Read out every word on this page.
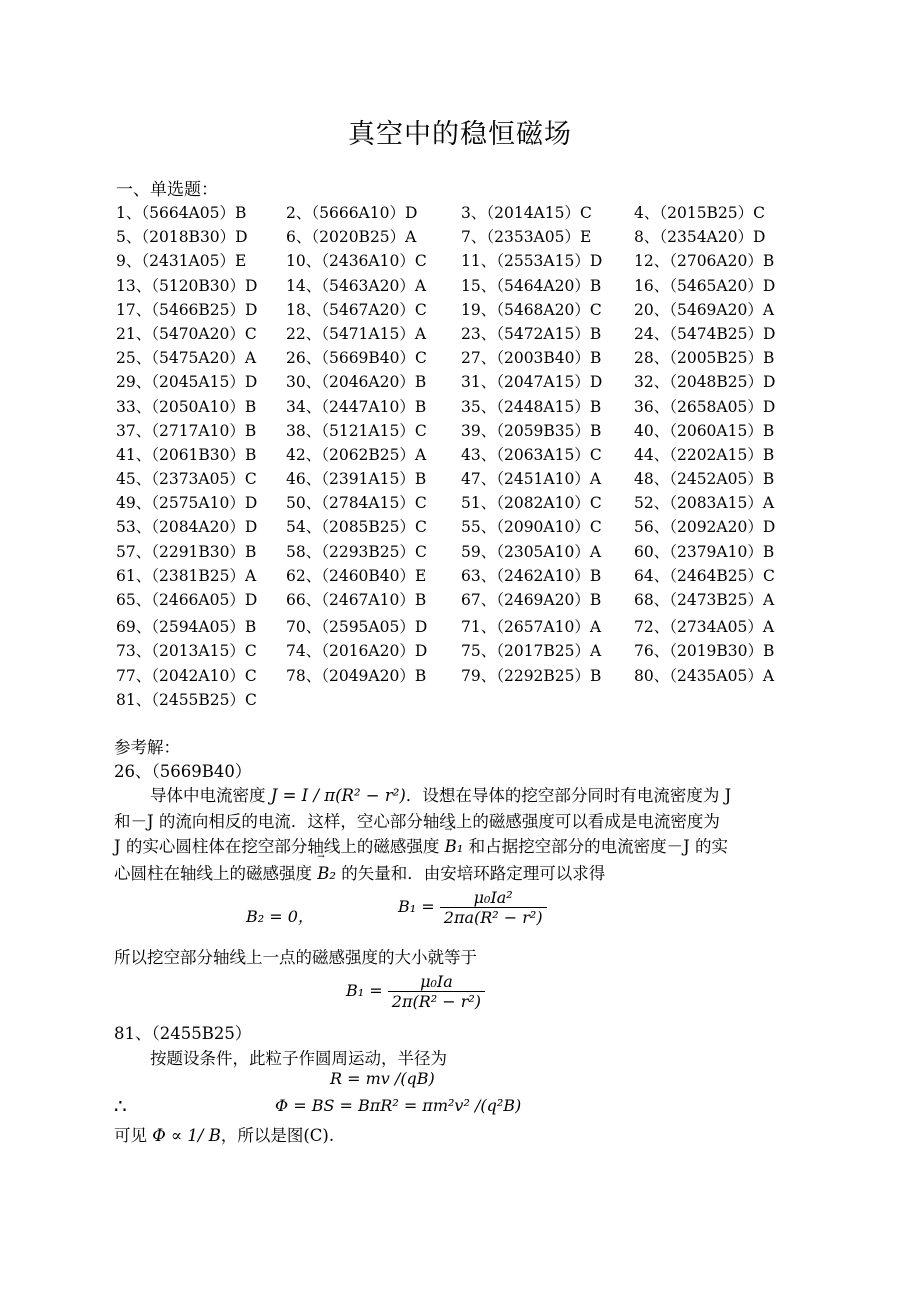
真空中的稳恒磁场
一、单选题：
1、（5664A05）B	2、（5666A10）D	3、（2014A15）C	4、（2015B25）C
5、（2018B30）D 6、（2020B25）A	7、（2353A05）E	8、（2354A20）D
9、（2431A05）E	10、（2436A10）C 11、（2553A15）D 12、（2706A20）B
13、（5120B30）D 14、（5463A20）A 15、（5464A20）B 16、（5465A20）D
17、（5466B25）D 18、（5467A20）C 19、（5468A20）C 20、（5469A20）A
21、（5470A20）C 22、（5471A15）A 23、（5472A15）B 24、（5474B25）D
25、（5475A20）A 26、（5669B40）C 27、（2003B40）B 28、（2005B25）B
29、（2045A15）D 30、（2046A20）B 31、（2047A15）D 32、（2048B25）D
33、（2050A10）B 34、（2447A10）B 35、（2448A15）B 36、（2658A05）D
37、（2717A10）B 38、（5121A15）C 39、（2059B35）B 40、（2060A15）B
41、（2061B30）B 42、（2062B25）A 43、（2063A15）C 44、（2202A15）B
45、（2373A05）C 46、（2391A15）B 47、（2451A10）A 48、（2452A05）B
49、（2575A10）D 50、（2784A15）C 51、（2082A10）C 52、（2083A15）A
53、（2084A20）D 54、（2085B25）C 55、（2090A10）C 56、（2092A20）D
57、（2291B30）B 58、（2293B25）C 59、（2305A10）A 60、（2379A10）B
61、（2381B25）A 62、（2460B40）E 63、（2462A10）B 64、（2464B25）C
65、（2466A05）D 66、（2467A10）B 67、（2469A20）B 68、（2473B25）A
69、（2594A05）B 70、（2595A05）D 71、（2657A10）A 72、（2734A05）A
73、（2013A15）C 74、（2016A20）D 75、（2017B25）A 76、（2019B30）B
77、（2042A10）C 78、（2049A20）B 79、（2292B25）B 80、（2435A05）A
81、（2455B25）C
参考解：
26、（5669B40）
导体中电流密度 J = I / π(R² − r²)．设想在导体的挖空部分同时有电流密度为 J
和－J 的流向相反的电流．这样，空心部分轴线上的磁感强度可以看成是电流密度为
J 的实心圆柱体在挖空部分轴线上的磁感强度 → B₁ 和占据挖空部分的电流密度－J 的实
心圆柱在轴线上的磁感强度 → B₂ 的矢量和．由安培环路定理可以求得
B₂ = 0，
$B_1 = \frac{\text{μ₀Ia²}}{\text{2πa(R² − r²)}}$
所以挖空部分轴线上一点的磁感强度的大小就等于
$B_1 = \frac{\text{μ₀Ia}}{\text{2π(R² − r²)}}$
81、（2455B25）
按题设条件，此粒子作圆周运动，半径为
R = mv /(qB)
∴	Φ = BS = BπR² = πm²v² /(q²B)
可见 Φ ∝ 1/ B，所以是图(C).
